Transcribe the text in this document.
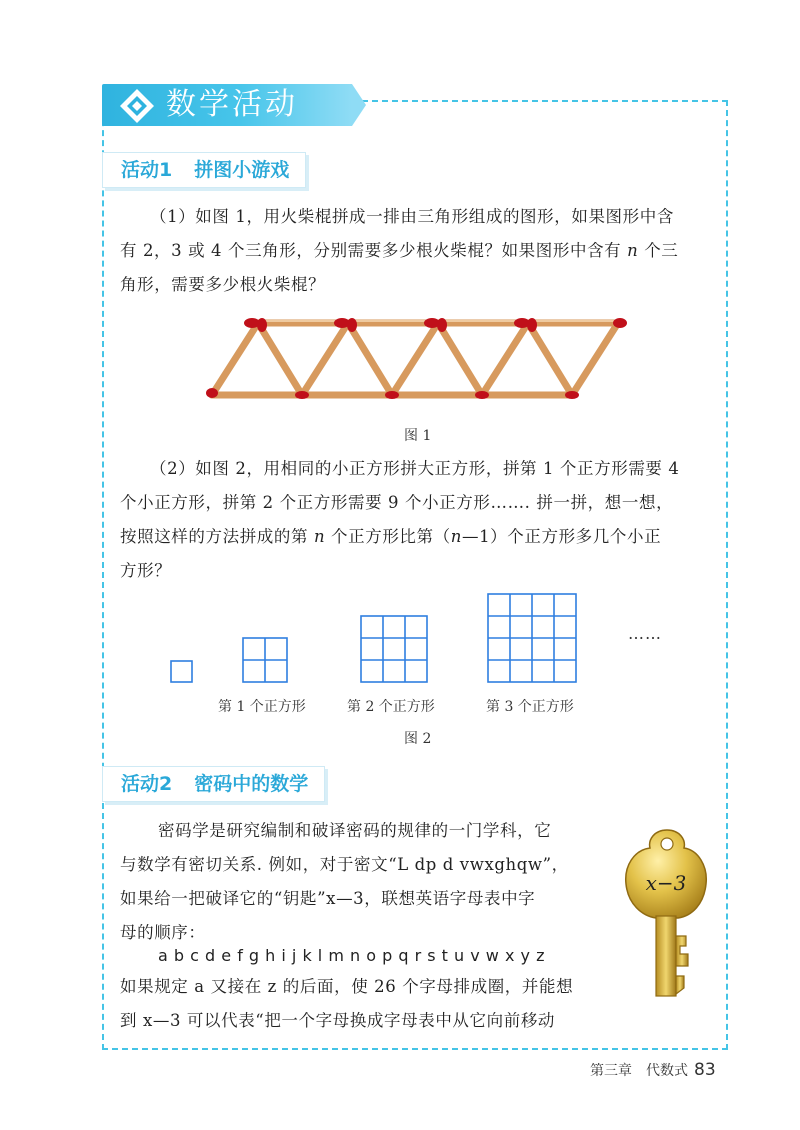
数学活动
活动1 拼图小游戏

（1）如图 1，用火柴棍拼成一排由三角形组成的图形，如果图形中含
有 2，3 或 4 个三角形，分别需要多少根火柴棍？如果图形中含有 n 个三
角形，需要多少根火柴棍？

图 1

（2）如图 2，用相同的小正方形拼大正方形，拼第 1 个正方形需要 4
个小正方形，拼第 2 个正方形需要 9 个小正方形……. 拼一拼，想一想，
按照这样的方法拼成的第 n 个正方形比第（n—1）个正方形多几个小正
方形？

……
第 1 个正方形	第 2 个正方形	第 3 个正方形
图 2
活动2 密码中的数学

密码学是研究编制和破译密码的规律的一门学科，它
与数学有密切关系. 例如，对于密文“L dp d vwxghqw”，
如果给一把破译它的“钥匙”x—3，联想英语字母表中字
母的顺序：

a b c d e f g h i j k l m n o p q r s t u v w x y z

如果规定 a 又接在 z 的后面，使 26 个字母排成圈，并能想
到 x—3 可以代表“把一个字母换成字母表中从它向前移动

x−3
第三章　代数式 83
